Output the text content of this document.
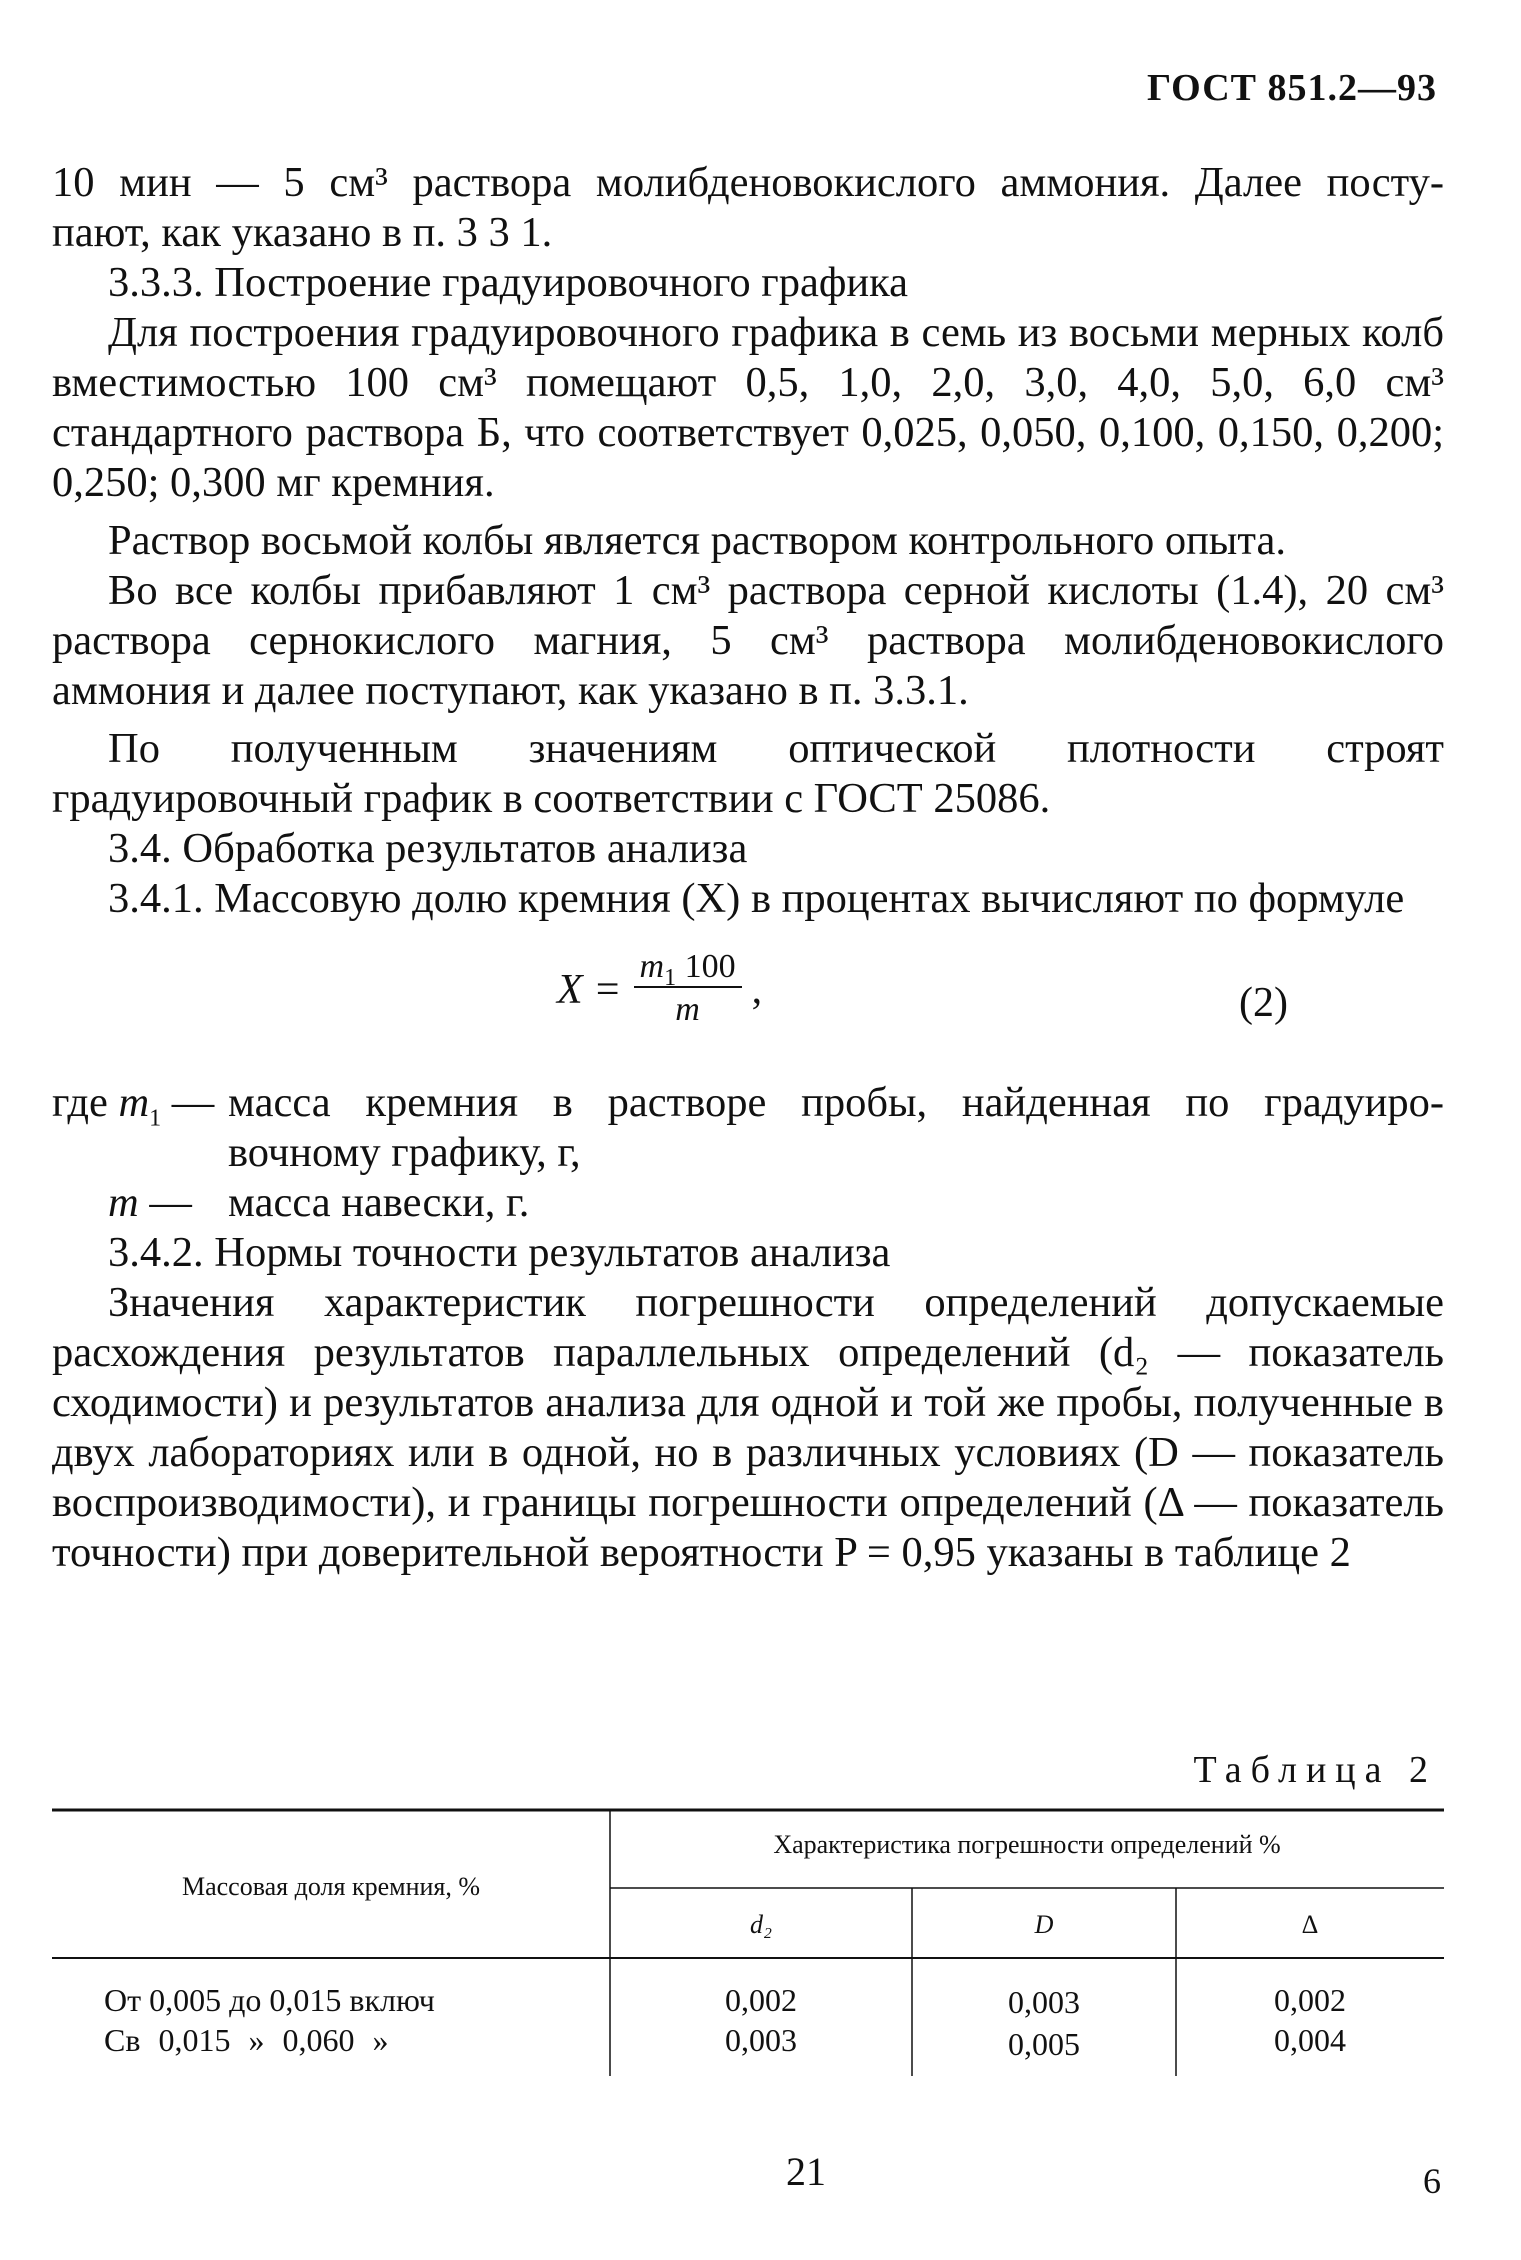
ГОСТ 851.2—93

10 мин — 5 см³ раствора молибденовокислого аммония. Далее посту-

пают, как указано в п. 3 3 1.

3.3.3. Построение градуировочного графика

Для построения градуировочного графика в семь из восьми мерных колб вместимостью 100 см³ помещают 0,5, 1,0, 2,0, 3,0, 4,0, 5,0, 6,0 см³ стандартного раствора Б, что соответствует 0,025, 0,050, 0,100, 0,150, 0,200; 0,250; 0,300 мг кремния.

Раствор восьмой колбы является раствором контрольного опыта.

Во все колбы прибавляют 1 см³ раствора серной кислоты (1.4), 20 см³ раствора сернокислого магния, 5 см³ раствора молибденовокислого аммония и далее поступают, как указано в п. 3.3.1.

По полученным значениям оптической плотности строят градуировочный график в соответствии с ГОСТ 25086.

3.4. Обработка результатов анализа

3.4.1. Массовую долю кремния (X) в процентах вычисляют по формуле

$X = \frac{m_1 100}{m}$ ,	(2)
где $m_1$ — масса кремния в растворе пробы, найденная по градуиро-
вочному графику, г,
m — масса навески, г.

3.4.2. Нормы точности результатов анализа

Значения характеристик погрешности определений допускаемые расхождения результатов параллельных определений (d₂ — показатель сходимости) и результатов анализа для одной и той же пробы, полученные в двух лабораториях или в одной, но в различных условиях (D — показатель воспроизводимости), и границы погрешности определений (Δ — показатель точности) при доверительной вероятности P = 0,95 указаны в таблице 2

Таблица 2
Массовая доля кремния, %
Характеристика погрешности определений %
d₂	D	Δ
От 0,005 до 0,015 включ	0,002	0,003	0,002
Св 0,015 » 0,060 »	0,003	0,005	0,004
21	6
